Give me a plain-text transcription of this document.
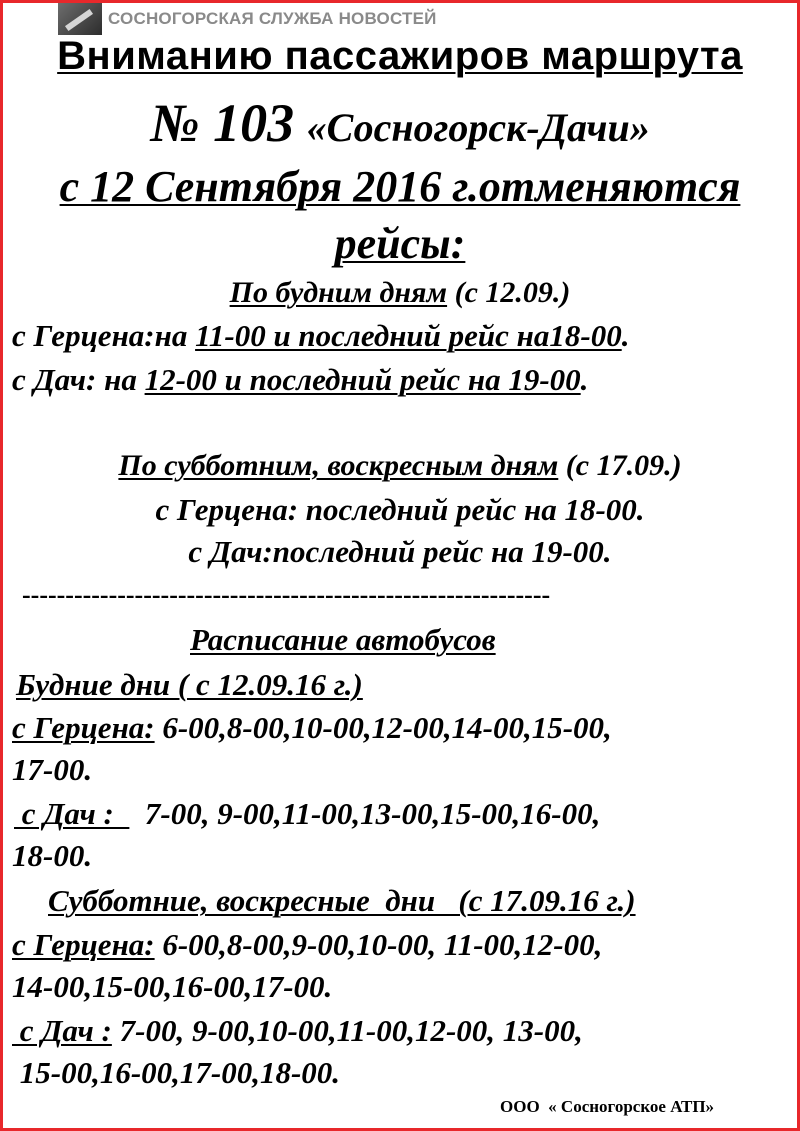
СОСНОГОРСКАЯ СЛУЖБА НОВОСТЕЙ
Вниманию пассажиров маршрута
№ 103 «Сосногорск-Дачи»
с 12 Сентября 2016 г.отменяются
рейсы:
По будним дням (с 12.09.)
с Герцена:на 11-00 и последний рейс на18-00.
с Дач: на 12-00 и последний рейс на 19-00.
По субботним, воскресным дням (с 17.09.)
с Герцена: последний рейс на 18-00.
с Дач:последний рейс на 19-00.
-------------------------------------------------------------
Расписание автобусов
Будние дни ( с 12.09.16 г.)
с Герцена: 6-00,8-00,10-00,12-00,14-00,15-00,
17-00.
с Дач :    7-00, 9-00,11-00,13-00,15-00,16-00,
18-00.
Субботние, воскресные  дни   (с 17.09.16 г.)
с Герцена: 6-00,8-00,9-00,10-00, 11-00,12-00,
14-00,15-00,16-00,17-00.
с Дач : 7-00, 9-00,10-00,11-00,12-00, 13-00,
15-00,16-00,17-00,18-00.
ООО  « Сосногорское АТП»
